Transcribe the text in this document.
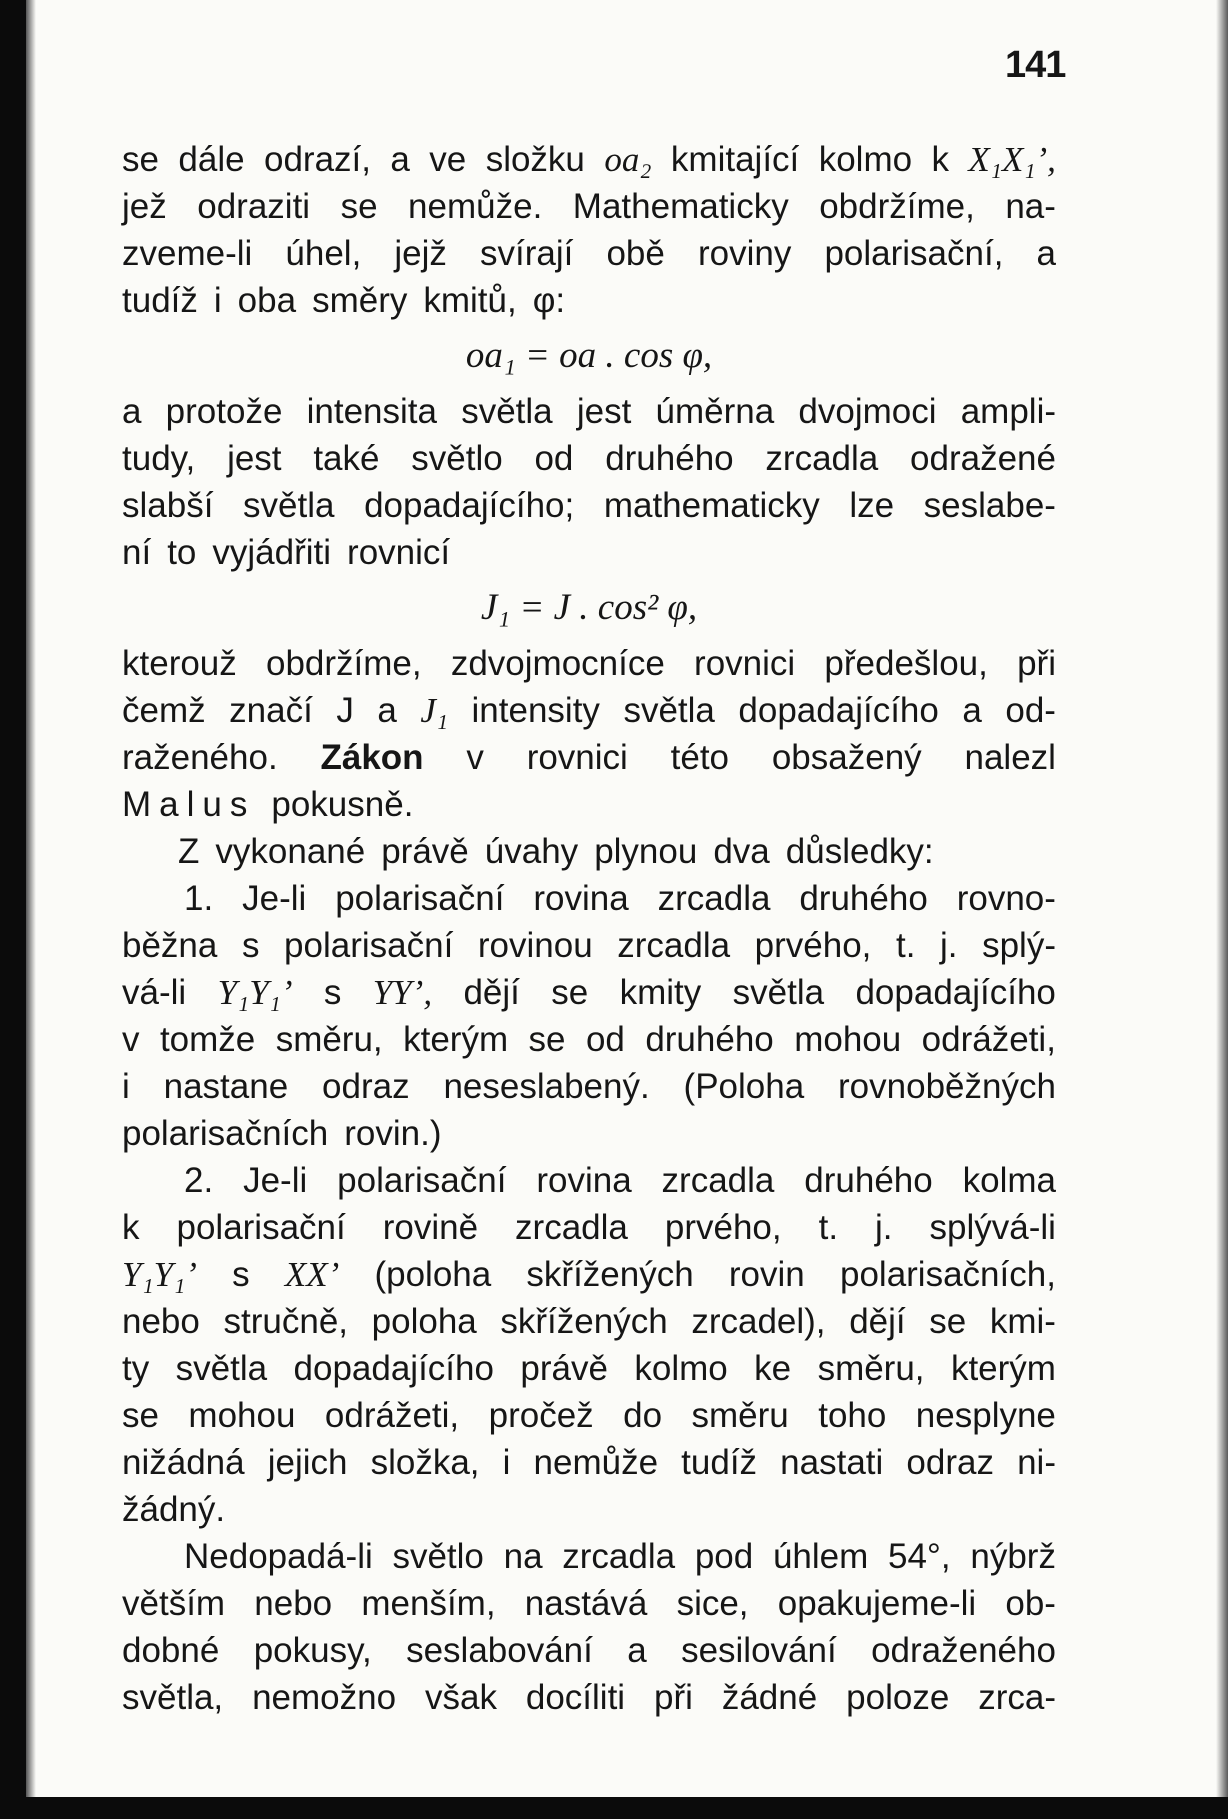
141
se dále odrazí, a ve složku oa₂ kmitající kolmo k X₁X₁’,
jež odraziti se nemůže. Mathematicky obdržíme, na-
zveme-li úhel, jejž svírají obě roviny polarisační, a
tudíž i oba směry kmitů, φ:
oa₁ = oa . cos φ,
a protože intensita světla jest úměrna dvojmoci ampli-
tudy, jest také světlo od druhého zrcadla odražené
slabší světla dopadajícího; mathematicky lze seslabe-
ní to vyjádřiti rovnicí
J₁ = J . cos² φ,
kterouž obdržíme, zdvojmocníce rovnici předešlou, při
čemž značí J a J₁ intensity světla dopadajícího a od-
raženého. Zákon v rovnici této obsažený nalezl
Malus pokusně.
Z vykonané právě úvahy plynou dva důsledky:
1. Je-li polarisační rovina zrcadla druhého rovno-
běžna s polarisační rovinou zrcadla prvého, t. j. splý-
vá-li Y₁Y₁’ s YY’, dějí se kmity světla dopadajícího
v tomže směru, kterým se od druhého mohou odrážeti,
i nastane odraz neseslabený. (Poloha rovnoběžných
polarisačních rovin.)
2. Je-li polarisační rovina zrcadla druhého kolma
k polarisační rovině zrcadla prvého, t. j. splývá-li
Y₁Y₁’ s XX’ (poloha skřížených rovin polarisačních,
nebo stručně, poloha skřížených zrcadel), dějí se kmi-
ty světla dopadajícího právě kolmo ke směru, kterým
se mohou odrážeti, pročež do směru toho nesplyne
nižádná jejich složka, i nemůže tudíž nastati odraz ni-
žádný.
Nedopadá-li světlo na zrcadla pod úhlem 54°, nýbrž
větším nebo menším, nastává sice, opakujeme-li ob-
dobné pokusy, seslabování a sesilování odraženého
světla, nemožno však docíliti při žádné poloze zrca-
